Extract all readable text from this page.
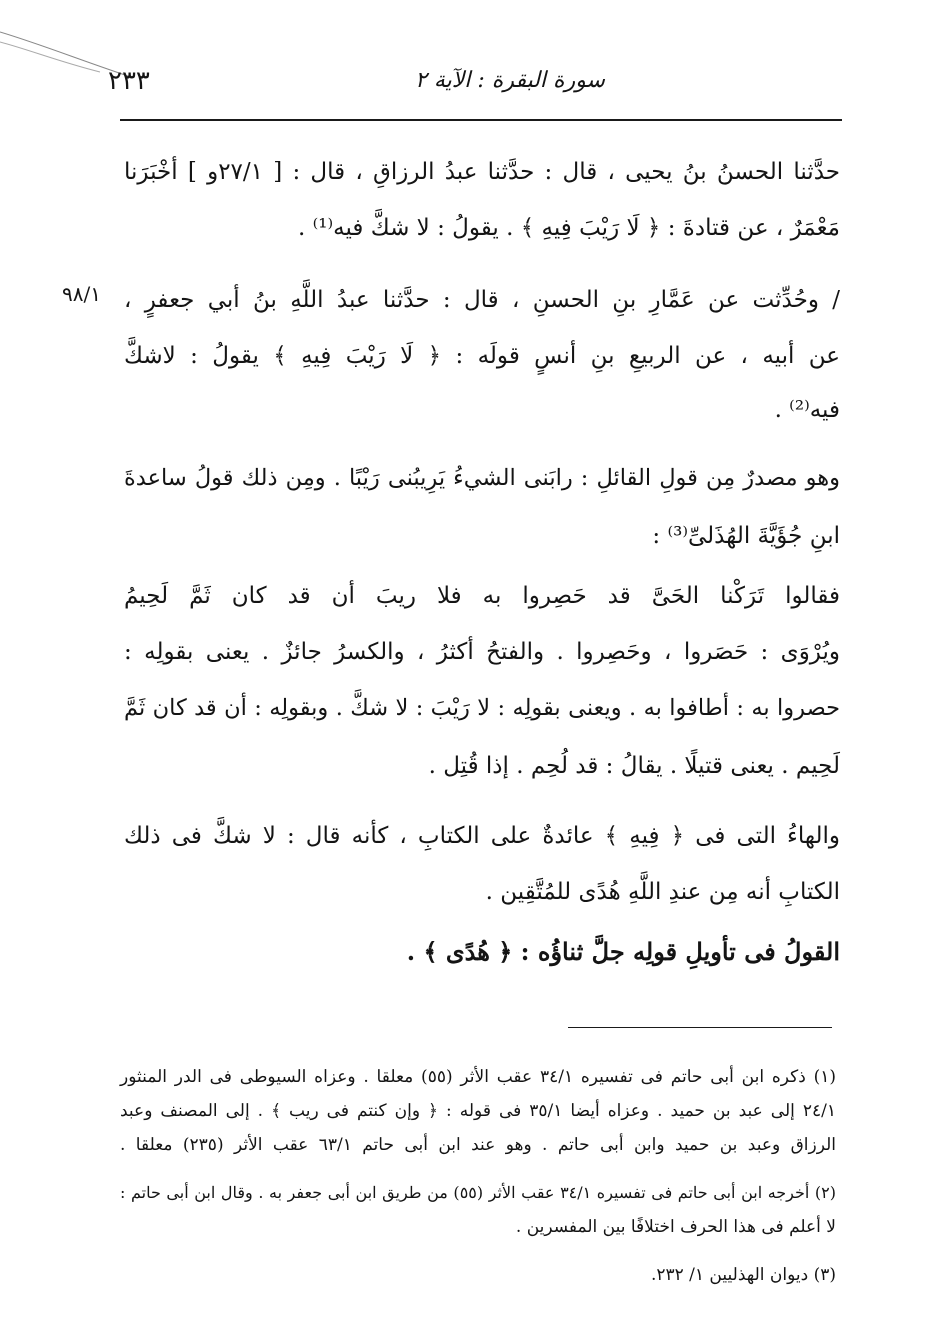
٢٣٣	سورة البقرة : الآية ٢
٩٨/١
حدَّثنا الحسنُ بنُ يحيى ، قال : حدَّثنا عبدُ الرزاقِ ، قال : [ ٢٧/١و ] أخْبَرَنا
مَعْمَرٌ ، عن قتادةَ : ﴿ لَا رَيْبَ فِيهِ ﴾ . يقولُ : لا شكَّ فيه⁽¹⁾ .
/ وحُدِّثت عن عَمَّارِ بنِ الحسنِ ، قال : حدَّثنا عبدُ اللَّهِ بنُ أبي جعفرٍ ،
عن أبيه ، عن الربيعِ بنِ أنسٍ قولَه : ﴿ لَا رَيْبَ فِيهِ ﴾ يقولُ : لاشكَّ
فيه⁽²⁾ .
وهو مصدرٌ مِن قولِ القائلِ : رابَنى الشيءُ يَرِيبُنى رَيْبًا . ومِن ذلك قولُ ساعدةَ
ابنِ جُؤَيَّةَ الهُذَلىِّ⁽³⁾ :
فقالوا تَرَكْنا الحَىَّ قد حَصِروا به فلا ريبَ أن قد كان ثَمَّ لَحِيمُ
ويُرْوَى : حَصَروا ، وحَصِروا . والفتحُ أكثرُ ، والكسرُ جائزٌ . يعنى بقولِه :
حصروا به : أطافوا به . ويعنى بقولِه : لا رَيْبَ : لا شكَّ . وبقولِه : أن قد كان ثَمَّ
لَحِيم . يعنى قتيلًا . يقالُ : قد لُحِم . إذا قُتِل .
والهاءُ التى فى ﴿ فِيهِ ﴾ عائدةٌ على الكتابِ ، كأنه قال : لا شكَّ فى ذلك
الكتابِ أنه مِن عندِ اللَّهِ هُدًى للمُتَّقِين .
القولُ فى تأويلِ قولِه جلَّ ثناؤُه : ﴿ هُدًى ﴾ .
(١) ذكره ابن أبى حاتم فى تفسيره ٣٤/١ عقب الأثر (٥٥) معلقا . وعزاه السيوطى فى الدر المنثور
٢٤/١ إلى عبد بن حميد . وعزاه أيضا ٣٥/١ فى قوله : ﴿ وإن كنتم فى ريب ﴾ . إلى المصنف وعبد
الرزاق وعبد بن حميد وابن أبى حاتم . وهو عند ابن أبى حاتم ٦٣/١ عقب الأثر (٢٣٥) معلقا .
(٢) أخرجه ابن أبى حاتم فى تفسيره ٣٤/١ عقب الأثر (٥٥) من طريق ابن أبى جعفر به . وقال ابن أبى حاتم :
لا أعلم فى هذا الحرف اختلافًا بين المفسرين .
(٣) ديوان الهذليين ١/ ٢٣٢.
